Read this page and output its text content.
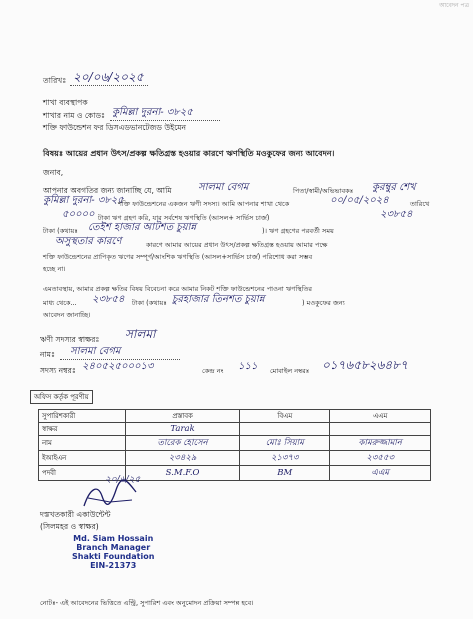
আবেদন পত্র
তারিখঃ ২০/০৬/২০২৫
শাখা ব্যবস্থাপক
শাখার নাম ও কোডঃ কুমিল্লা দুরনা- ৩৮২৫
শক্তি ফাউন্ডেশন ফর ডিসএডভানটেজড উইমেন
বিষয়ঃ আয়ের প্রধান উৎস/প্রকল্প ক্ষতিগ্রস্ত হওয়ার কারণে ঋণস্থিতি মওকুফের জন্য আবেদন।
জনাব,
আপনার অবগতির জন্য জানাচ্ছি যে, আমি	সালমা বেগম	পিতা/স্বামী/অভিভাবকঃ কুরম্বুর শেখ
কুমিল্লা দুরনা- ৩৮২৫
শক্তি ফাউন্ডেশনের একজন ঋণী সদস্য। আমি আপনার শাখা থেকে	০০/০৫/২০২৪	তারিখে
৫০০০০ টাকা ঋণ গ্রহণ করি, যার সর্বশেষ ঋণস্থিতি (আসল+ সার্ভিস চার্জ)	২৩৮৫৪
টাকা (কথায়ঃ তেইশ হাজার আটশত চুয়ান্ন	)। ঋণ গ্রহণের পরবর্তী সময়
অসুস্থতার কারণে	কারণে আমার আয়ের প্রধান উৎস/প্রকল্প ক্ষতিগ্রস্ত হওয়ায় আমার পক্ষে
শক্তি ফাউন্ডেশনের প্রাপিকৃত ঋণের সম্পূর্ণ/আংশিক ঋণস্থিতি (আসল+সার্ভিস চার্জ) পরিশোধ করা সম্ভব
হচ্ছে না।
এমতাবস্থায়, আমার প্রকল্প ক্ষতির বিষয় বিবেচনা করে আমার নিকট শক্তি ফাউন্ডেশনের পাওনা ঋণস্থিতির
মাধ্য থেকে... ২৩৮৫৪ টাকা (কথায়ঃ চুরহাজার তিনশত চুয়ান্ন	) মওকুফের জন্য
আবেদন জানাচ্ছি।
ঋণী সদস্যর স্বাক্ষরঃ সালমা
নামঃ সালমা বেগম
সদস্য নম্বরঃ ২৪০৫২৫০০০১৩	কেন্দ্র নং ১১১ মোবাইল নম্বরঃ ০১৭৬৫৮২৬৪৮৭
অফিস কর্তৃক পূরণীয়
সুপারিশকারী	প্রস্তাবক	বিএম	এএম
স্বাক্ষর	Tarak		
নাম	তারেক হোসেন	মোঃ সিয়াম	কামরুজ্জামান
ইআইএন	২৩৪২৯	২১৩৭৩	২৩৫৫৩
পদবী	S.M.F.O	BM	এএম
২০/৬/২৫
দস্তখতকারী একাউন্টেন্ট
(সিলমহর ও স্বাক্ষর)
Md. Siam Hossain
Branch Manager
Shakti Foundation
EIN-21373
নোটঃ- এই আবেদনের ভিত্তিতে এন্ট্রি, সুপারিশ এবং অনুমোদন প্রক্রিয়া সম্পন্ন হবে।
